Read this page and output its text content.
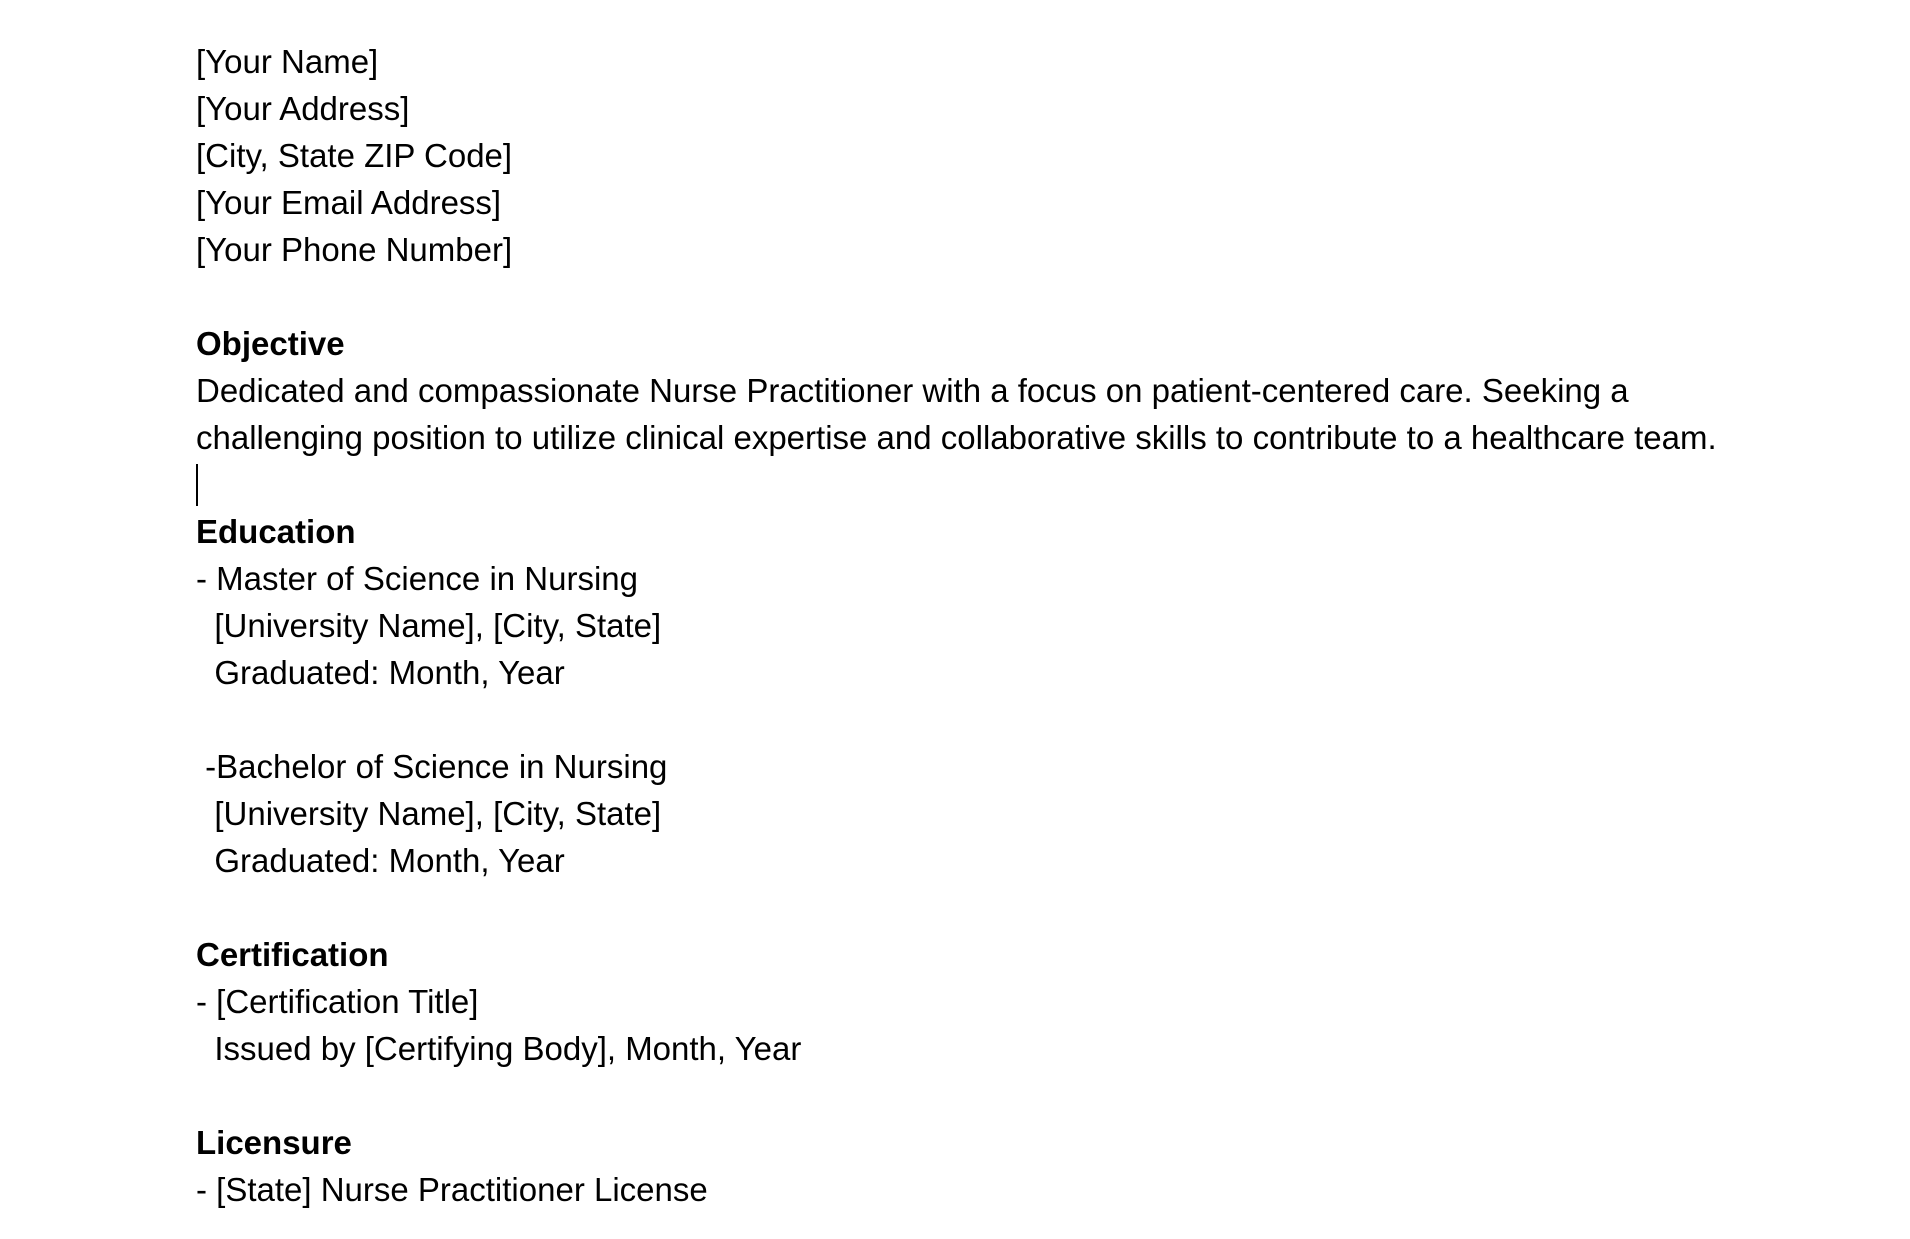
[Your Name]
[Your Address]
[City, State ZIP Code]
[Your Email Address]
[Your Phone Number]
Objective
Dedicated and compassionate Nurse Practitioner with a focus on patient-centered care. Seeking a challenging position to utilize clinical expertise and collaborative skills to contribute to a healthcare team.
Education
- Master of Science in Nursing
[University Name], [City, State]
Graduated: Month, Year
-Bachelor of Science in Nursing
[University Name], [City, State]
Graduated: Month, Year
Certification
- [Certification Title]
Issued by [Certifying Body], Month, Year
Licensure
- [State] Nurse Practitioner License
